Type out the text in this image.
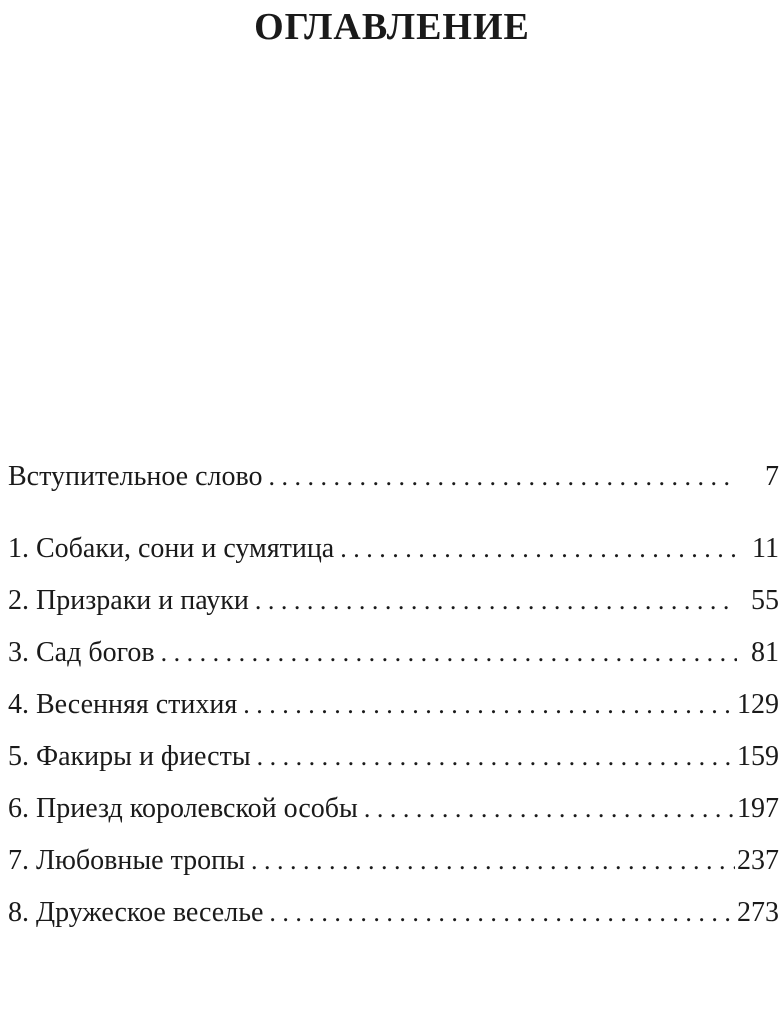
ОГЛАВЛЕНИЕ
Вступительное слово . . .	7
1. Собаки, сони и сумятица . . .	11
2. Призраки и пауки . . .	55
3. Сад богов . . .	81
4. Весенняя стихия . . .	129
5. Факиры и фиесты . . .	159
6. Приезд королевской особы . . .	197
7. Любовные тропы . . .	237
8. Дружеское веселье . . .	273
